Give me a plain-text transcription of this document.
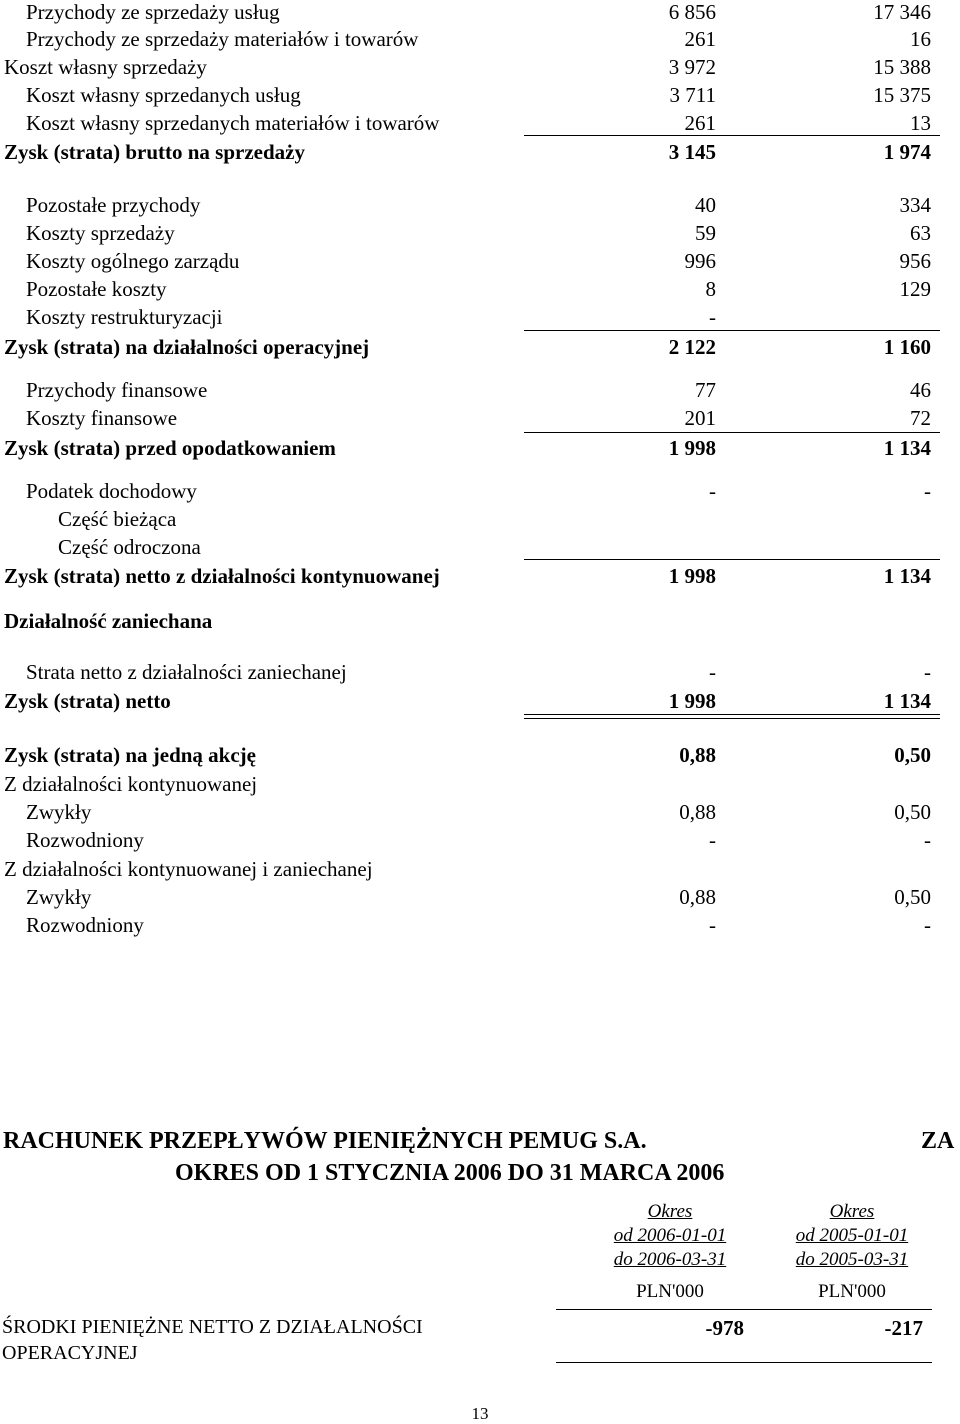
Przychody ze sprzedaży usług	6 856	17 346
Przychody ze sprzedaży materiałów i towarów	261	16
Koszt własny sprzedaży	3 972	15 388
Koszt własny sprzedanych usług	3 711	15 375
Koszt własny sprzedanych materiałów i towarów	261	13
Zysk (strata) brutto na sprzedaży	3 145	1 974
Pozostałe przychody	40	334
Koszty sprzedaży	59	63
Koszty ogólnego zarządu	996	956
Pozostałe koszty	8	129
Koszty restrukturyzacji	-
Zysk (strata) na działalności operacyjnej	2 122	1 160
Przychody finansowe	77	46
Koszty finansowe	201	72
Zysk (strata) przed opodatkowaniem	1 998	1 134
Podatek dochodowy	-	-
Część bieżąca
Część odroczona
Zysk (strata) netto z działalności kontynuowanej	1 998	1 134
Działalność zaniechana
Strata netto z działalności zaniechanej	-	-
Zysk (strata) netto	1 998	1 134
Zysk (strata) na jedną akcję	0,88	0,50
Z działalności kontynuowanej
Zwykły	0,88	0,50
Rozwodniony	-	-
Z działalności kontynuowanej i zaniechanej
Zwykły	0,88	0,50
Rozwodniony	-	-
RACHUNEK PRZEPŁYWÓW PIENIĘŻNYCH PEMUG S.A.	ZA
OKRES OD 1 STYCZNIA 2006 DO 31 MARCA 2006
Okres
od 2006-01-01
do 2006-03-31
PLN'000
Okres
od 2005-01-01
do 2005-03-31
PLN'000
ŚRODKI PIENIĘŻNE NETTO Z DZIAŁALNOŚCI
OPERACYJNEJ
-978	-217
13
